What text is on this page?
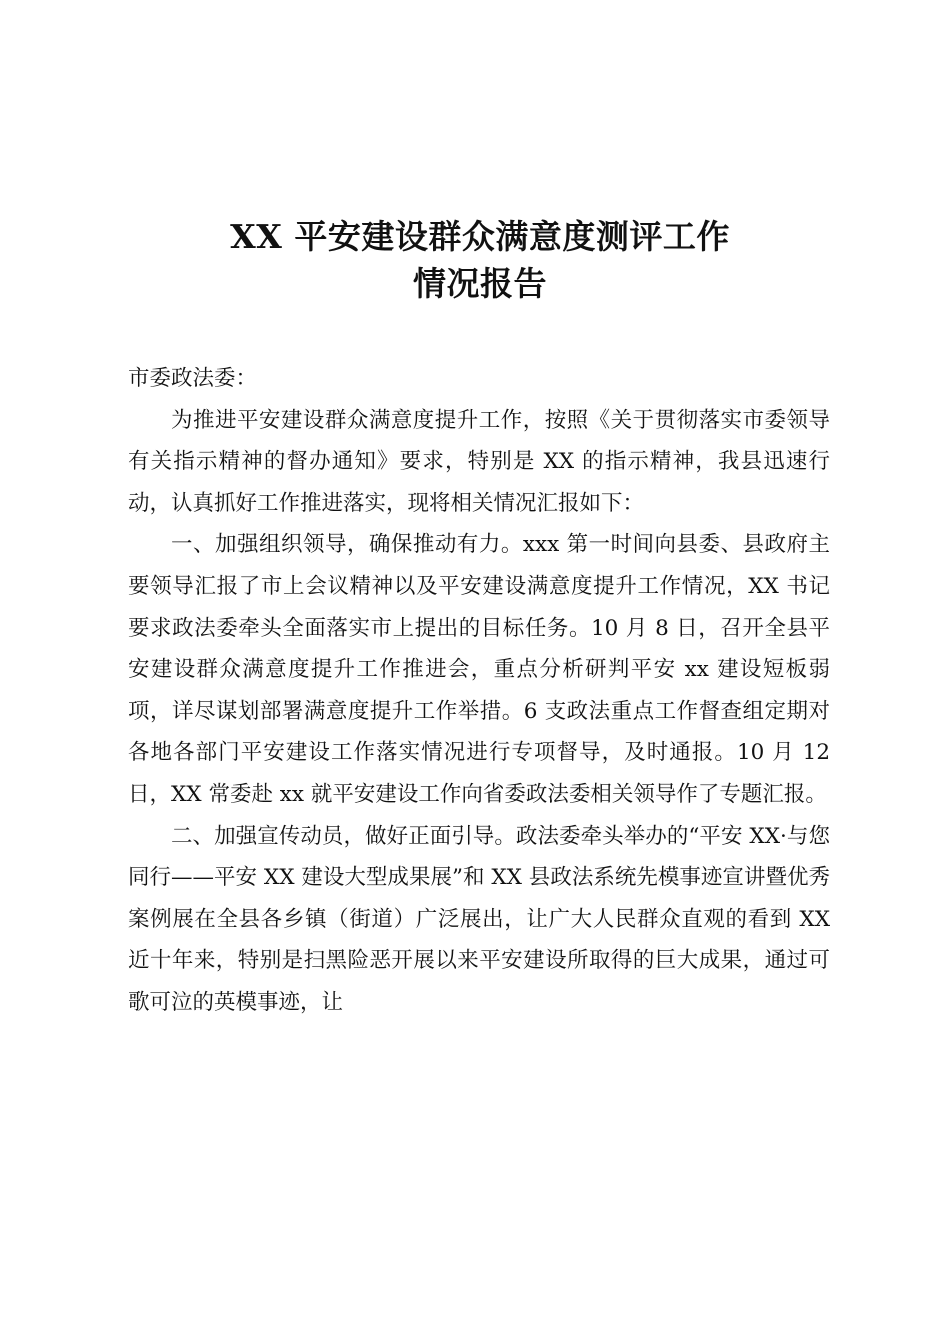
XX 平安建设群众满意度测评工作
情况报告

市委政法委：

为推进平安建设群众满意度提升工作，按照《关于贯彻落实市委领导有关指示精神的督办通知》要求，特别是 XX 的指示精神，我县迅速行动，认真抓好工作推进落实，现将相关情况汇报如下：

一、加强组织领导，确保推动有力。xxx 第一时间向县委、县政府主要领导汇报了市上会议精神以及平安建设满意度提升工作情况，XX 书记要求政法委牵头全面落实市上提出的目标任务。10 月 8 日，召开全县平安建设群众满意度提升工作推进会，重点分析研判平安 xx 建设短板弱项，详尽谋划部署满意度提升工作举措。6 支政法重点工作督查组定期对各地各部门平安建设工作落实情况进行专项督导，及时通报。10 月 12 日，XX 常委赴 xx 就平安建设工作向省委政法委相关领导作了专题汇报。

二、加强宣传动员，做好正面引导。政法委牵头举办的“平安 XX·与您同行——平安 XX 建设大型成果展”和 XX 县政法系统先模事迹宣讲暨优秀案例展在全县各乡镇（街道）广泛展出，让广大人民群众直观的看到 XX 近十年来，特别是扫黑险恶开展以来平安建设所取得的巨大成果，通过可歌可泣的英模事迹，让
